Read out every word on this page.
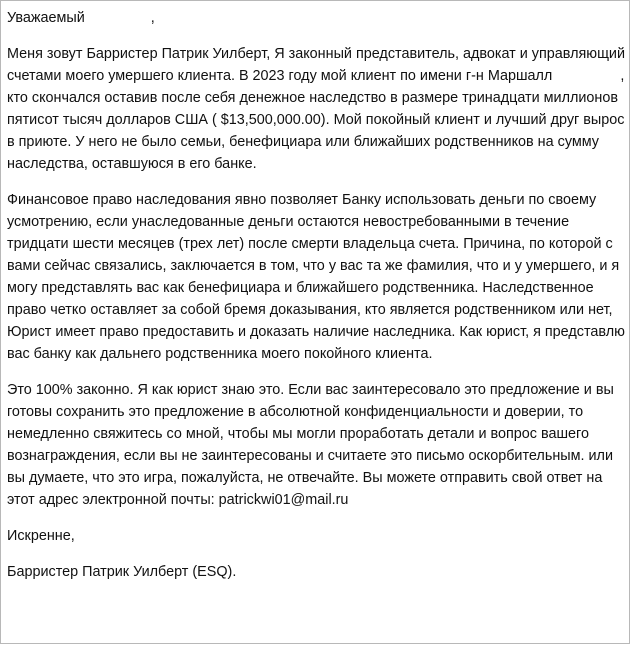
Уважаемый	,

Меня зовут Барристер Патрик Уилберт, Я законный представитель, адвокат и управляющий счетами моего умершего клиента. В 2023 году мой клиент по имени г-н Маршалл	, кто скончался оставив после себя денежное наследство в размере тринадцати миллионов пятисот тысяч долларов США ( $13,500,000.00). Мой покойный клиент и лучший друг вырос в приюте. У него не было семьи, бенефициара или ближайших родственников на сумму наследства, оставшуюся в его банке.

Финансовое право наследования явно позволяет Банку использовать деньги по своему усмотрению, если унаследованные деньги остаются невостребованными в течение тридцати шести месяцев (трех лет) после смерти владельца счета. Причина, по которой с вами сейчас связались, заключается в том, что у вас та же фамилия, что и у умершего, и я могу представлять вас как бенефициара и ближайшего родственника. Наследственное право четко оставляет за собой бремя доказывания, кто является родственником или нет, Юрист имеет право предоставить и доказать наличие наследника. Как юрист, я представлю вас банку как дальнего родственника моего покойного клиента.

Это 100% законно. Я как юрист знаю это. Если вас заинтересовало это предложение и вы готовы сохранить это предложение в абсолютной конфиденциальности и доверии, то немедленно свяжитесь со мной, чтобы мы могли проработать детали и вопрос вашего вознаграждения, если вы не заинтересованы и считаете это письмо оскорбительным. или вы думаете, что это игра, пожалуйста, не отвечайте. Вы можете отправить свой ответ на этот адрес электронной почты: patrickwi01@mail.ru

Искренне,

Барристер Патрик Уилберт (ESQ).
